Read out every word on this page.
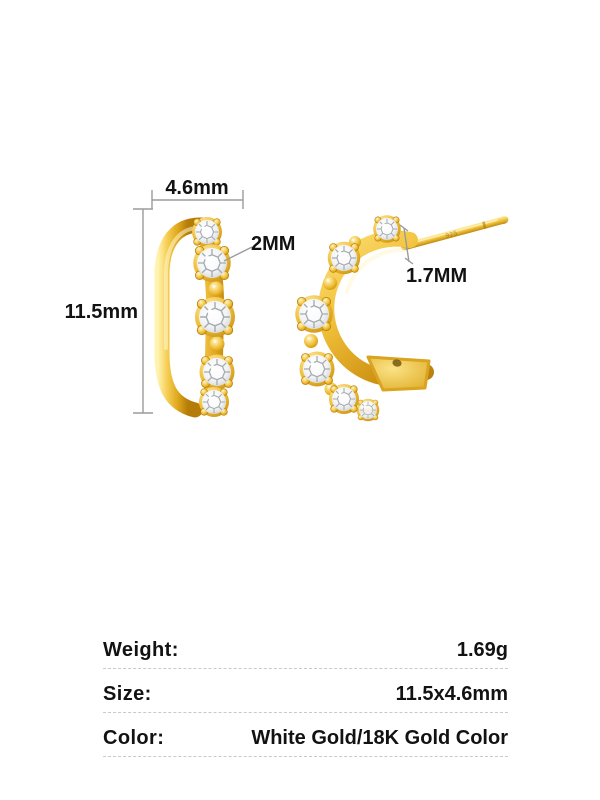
925
4.6mm
11.5mm
2MM
1.7MM
Weight:	1.69g
Size:	11.5x4.6mm
Color:	White Gold/18K Gold Color
